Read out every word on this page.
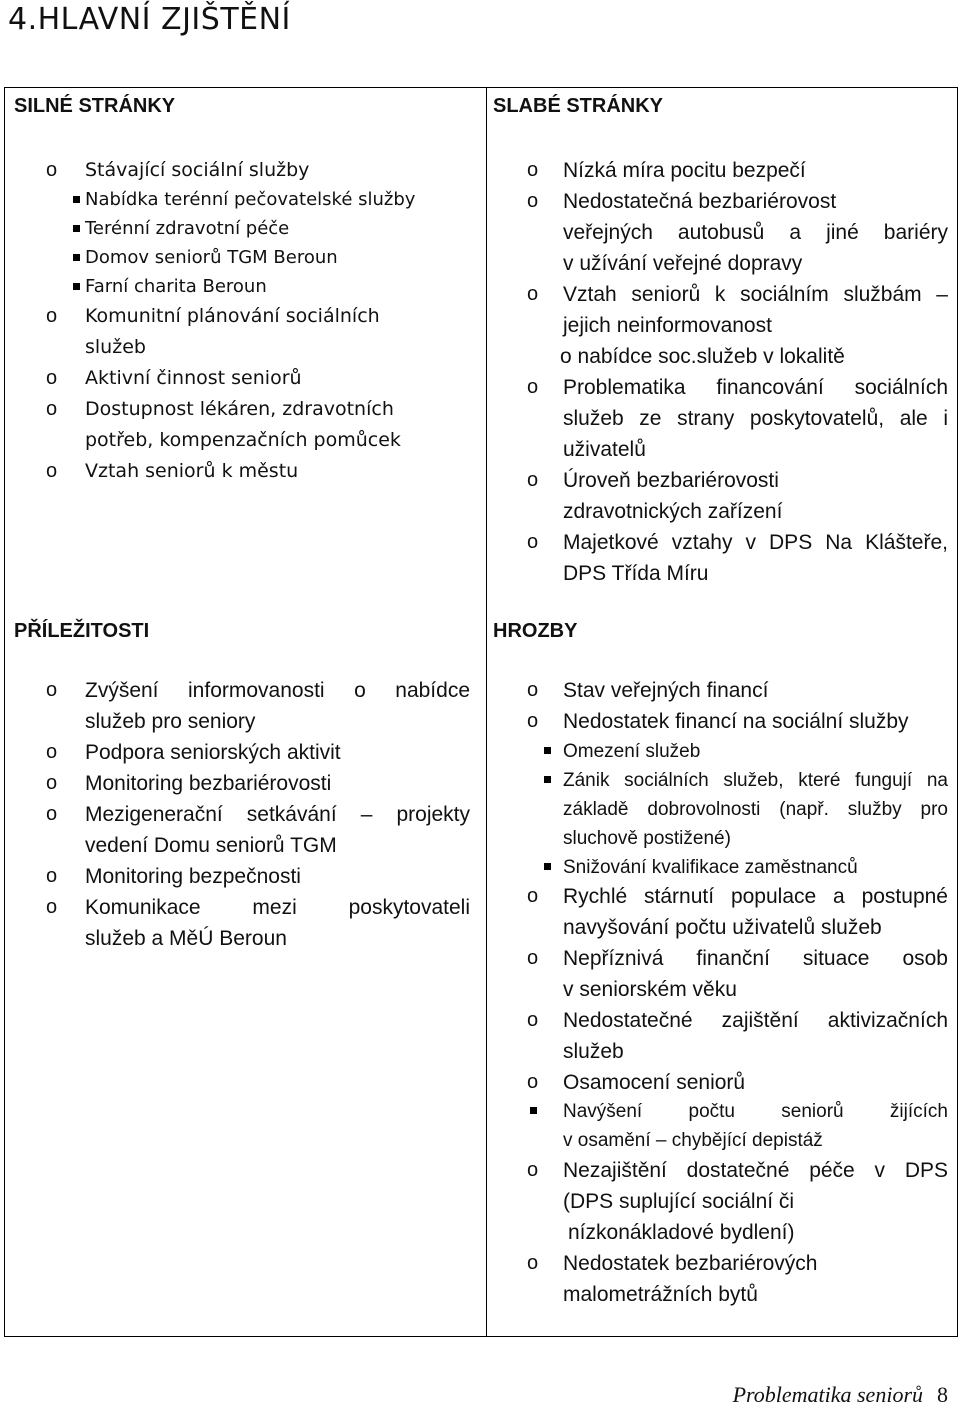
4.HLAVNÍ ZJIŠTĚNÍ
SILNÉ STRÁNKY
o Stávající sociální služby
Nabídka terénní pečovatelské služby
Terénní zdravotní péče
Domov seniorů TGM Beroun
Farní charita Beroun
o Komunitní plánování sociálních
služeb
o Aktivní činnost seniorů
o Dostupnost lékáren, zdravotních
potřeb, kompenzačních pomůcek
o Vztah seniorů k městu
SLABÉ STRÁNKY
o Nízká míra pocitu bezpečí
o Nedostatečná bezbariérovost
veřejných autobusů a jiné bariéry
v užívání veřejné dopravy
o Vztah seniorů k sociálním službám –
jejich neinformovanost
o nabídce soc.služeb v lokalitě
o Problematika financování sociálních
služeb ze strany poskytovatelů, ale i
uživatelů
o Úroveň bezbariérovosti
zdravotnických zařízení
o Majetkové vztahy v DPS Na Klášteře,
DPS Třída Míru
PŘÍLEŽITOSTI
o Zvýšení informovanosti o nabídce
služeb pro seniory
o Podpora seniorských aktivit
o Monitoring bezbariérovosti
o Mezigenerační setkávání – projekty
vedení Domu seniorů TGM
o Monitoring bezpečnosti
o Komunikace mezi poskytovateli
služeb a MěÚ Beroun
HROZBY
o Stav veřejných financí
o Nedostatek financí na sociální služby
Omezení služeb
Zánik sociálních služeb, které fungují na
základě dobrovolnosti (např. služby pro
sluchově postižené)
Snižování kvalifikace zaměstnanců
o Rychlé stárnutí populace a postupné
navyšování počtu uživatelů služeb
o Nepříznivá finanční situace osob
v seniorském věku
o Nedostatečné zajištění aktivizačních
služeb
o Osamocení seniorů
Navýšení počtu seniorů žijících
v osamění – chybějící depistáž
o Nezajištění dostatečné péče v DPS
(DPS suplující sociální či
nízkonákladové bydlení)
o Nedostatek bezbariérových
malometrážních bytů
Problematika seniorů 8
